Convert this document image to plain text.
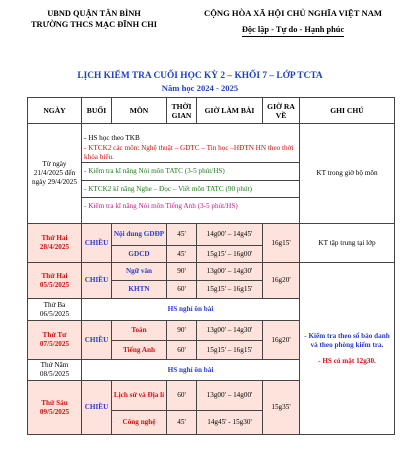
UBND QUẬN TÂN BÌNH
TRƯỜNG THCS MẠC ĐĨNH CHI
CỘNG HÒA XÃ HỘI CHỦ NGHĨA VIỆT NAM
Độc lập - Tự do - Hạnh phúc
LỊCH KIỂM TRA CUỐI HỌC KỲ 2 – KHỐI 7 – LỚP TCTA
Năm học 2024 - 2025
NGÀY	BUỔI	MÔN	THỜI GIAN	GIỜ LÀM BÀI	GIỜ RA VỀ	GHI CHÚ
Từ ngày 21/4/2025 đến ngày 29/4/2025	- HS học theo TKB
- KTCK2 các môn: Nghệ thuật – GDTC – Tin học –HĐTN HN theo thời khóa biểu.
- Kiểm tra kĩ năng Nói môn TATC (3-5 phút/HS)
- KTCK2 kĩ năng Nghe – Đọc – Viết môn TATC (90 phút)
- Kiểm tra kĩ năng Nói môn Tiếng Anh (3-5 phút/HS)					KT trong giờ bộ môn
Thứ Hai 28/4/2025	CHIỀU	Nội dung GDĐP	45'	14g00' – 14g45'	16g15'	KT tập trung tại lớp
		GDCD	45'	15g15' – 16g00'		
Thứ Hai 05/5/2025	CHIỀU	Ngữ văn	90'	13g00' – 14g30'	16g20'	- Kiểm tra theo số báo danh và theo phòng kiểm tra.
- HS có mặt 12g30.

		KHTN	60'	15g15' – 16g15'		
Thứ Ba 06/5/2025	HS nghỉ ôn bài					
Thứ Tư 07/5/2025	CHIỀU	Toán	90'	13g00' – 14g30'	16g20'	
		Tiếng Anh	60'	15g15' – 16g15'		
Thứ Năm 08/5/2025	HS nghỉ ôn bài					
Thứ Sáu 09/5/2025	CHIỀU	Lịch sử và Địa lí	60'	13g00' – 14g00'	15g35'	
		Công nghệ	45'	14g45' - 15g30'		
